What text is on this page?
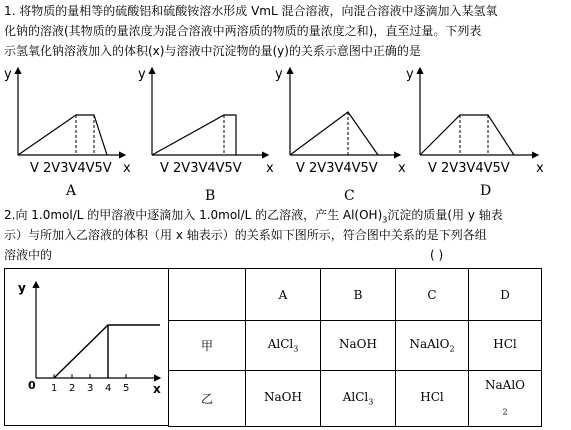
1. 将物质的量相等的硫酸铝和硫酸铵溶水形成 VmL 混合溶液，向混合溶液中逐滴加入某氢氧
化钠的溶液(其物质的量浓度为混合溶液中两溶质的物质的量浓度之和)，直至过量。下列表
示氢氧化钠溶液加入的体积(x)与溶液中沉淀物的量(y)的关系示意图中正确的是
y
x
V 2V3V4V5V
A
y
x
V 2V3V4V5V
B
y
x
V 2V3V4V5V
C
y
x
V 2V3V4V5V
D
2.向 1.0mol/L 的甲溶液中逐滴加入 1.0mol/L 的乙溶液，产生 $Al(OH)_3$沉淀的质量(用 y 轴表
示）与所加入乙溶液的体积（用 x 轴表示）的关系如下图所示，符合图中关系的是下列各组
溶液中的	( )
y
x
0 1 2 3 4 5
	A	B	C	D
甲	AlCl$_3$	NaOH	NaAlO$_2$	HCl
乙	NaOH	AlCl$_3$	HCl	NaAlO
$_2$
